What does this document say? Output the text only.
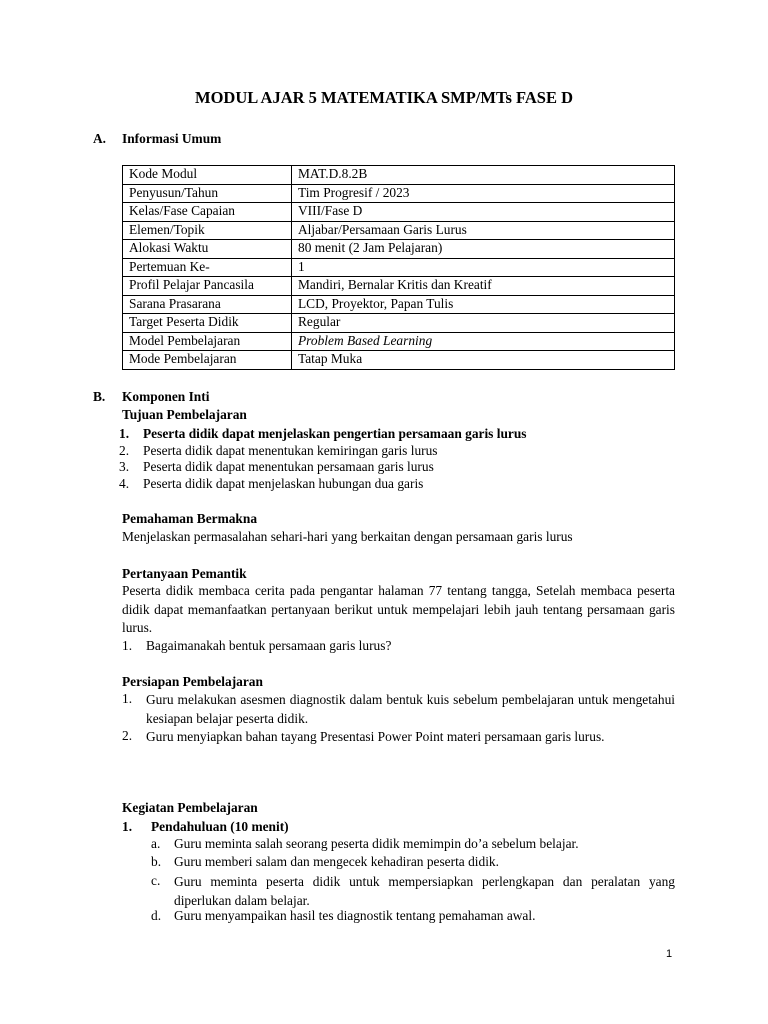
MODUL AJAR 5 MATEMATIKA SMP/MTs FASE D
A. Informasi Umum
Kode Modul	MAT.D.8.2B
Penyusun/Tahun	Tim Progresif / 2023
Kelas/Fase Capaian	VIII/Fase D
Elemen/Topik	Aljabar/Persamaan Garis Lurus
Alokasi Waktu	80 menit (2 Jam Pelajaran)
Pertemuan Ke-	1
Profil Pelajar Pancasila	Mandiri, Bernalar Kritis dan Kreatif
Sarana Prasarana	LCD, Proyektor, Papan Tulis
Target Peserta Didik	Regular
Model Pembelajaran	Problem Based Learning
Mode Pembelajaran	Tatap Muka
B. Komponen Inti
Tujuan Pembelajaran
1. Peserta didik dapat menjelaskan pengertian persamaan garis lurus
2. Peserta didik dapat menentukan kemiringan garis lurus
3. Peserta didik dapat menentukan persamaan garis lurus
4. Peserta didik dapat menjelaskan hubungan dua garis
Pemahaman Bermakna
Menjelaskan permasalahan sehari-hari yang berkaitan dengan persamaan garis lurus
Pertanyaan Pemantik
Peserta didik membaca cerita pada pengantar halaman 77 tentang tangga, Setelah membaca peserta didik dapat memanfaatkan pertanyaan berikut untuk mempelajari lebih jauh tentang persamaan garis lurus.
1. Bagaimanakah bentuk persamaan garis lurus?
Persiapan Pembelajaran
1. Guru melakukan asesmen diagnostik dalam bentuk kuis sebelum pembelajaran untuk mengetahui kesiapan belajar peserta didik.
2. Guru menyiapkan bahan tayang Presentasi Power Point materi persamaan garis lurus.
Kegiatan Pembelajaran
1. Pendahuluan (10 menit)
a. Guru meminta salah seorang peserta didik memimpin do’a sebelum belajar.
b. Guru memberi salam dan mengecek kehadiran peserta didik.
c. Guru meminta peserta didik untuk mempersiapkan perlengkapan dan peralatan yang diperlukan dalam belajar.
d. Guru menyampaikan hasil tes diagnostik tentang pemahaman awal.
1
